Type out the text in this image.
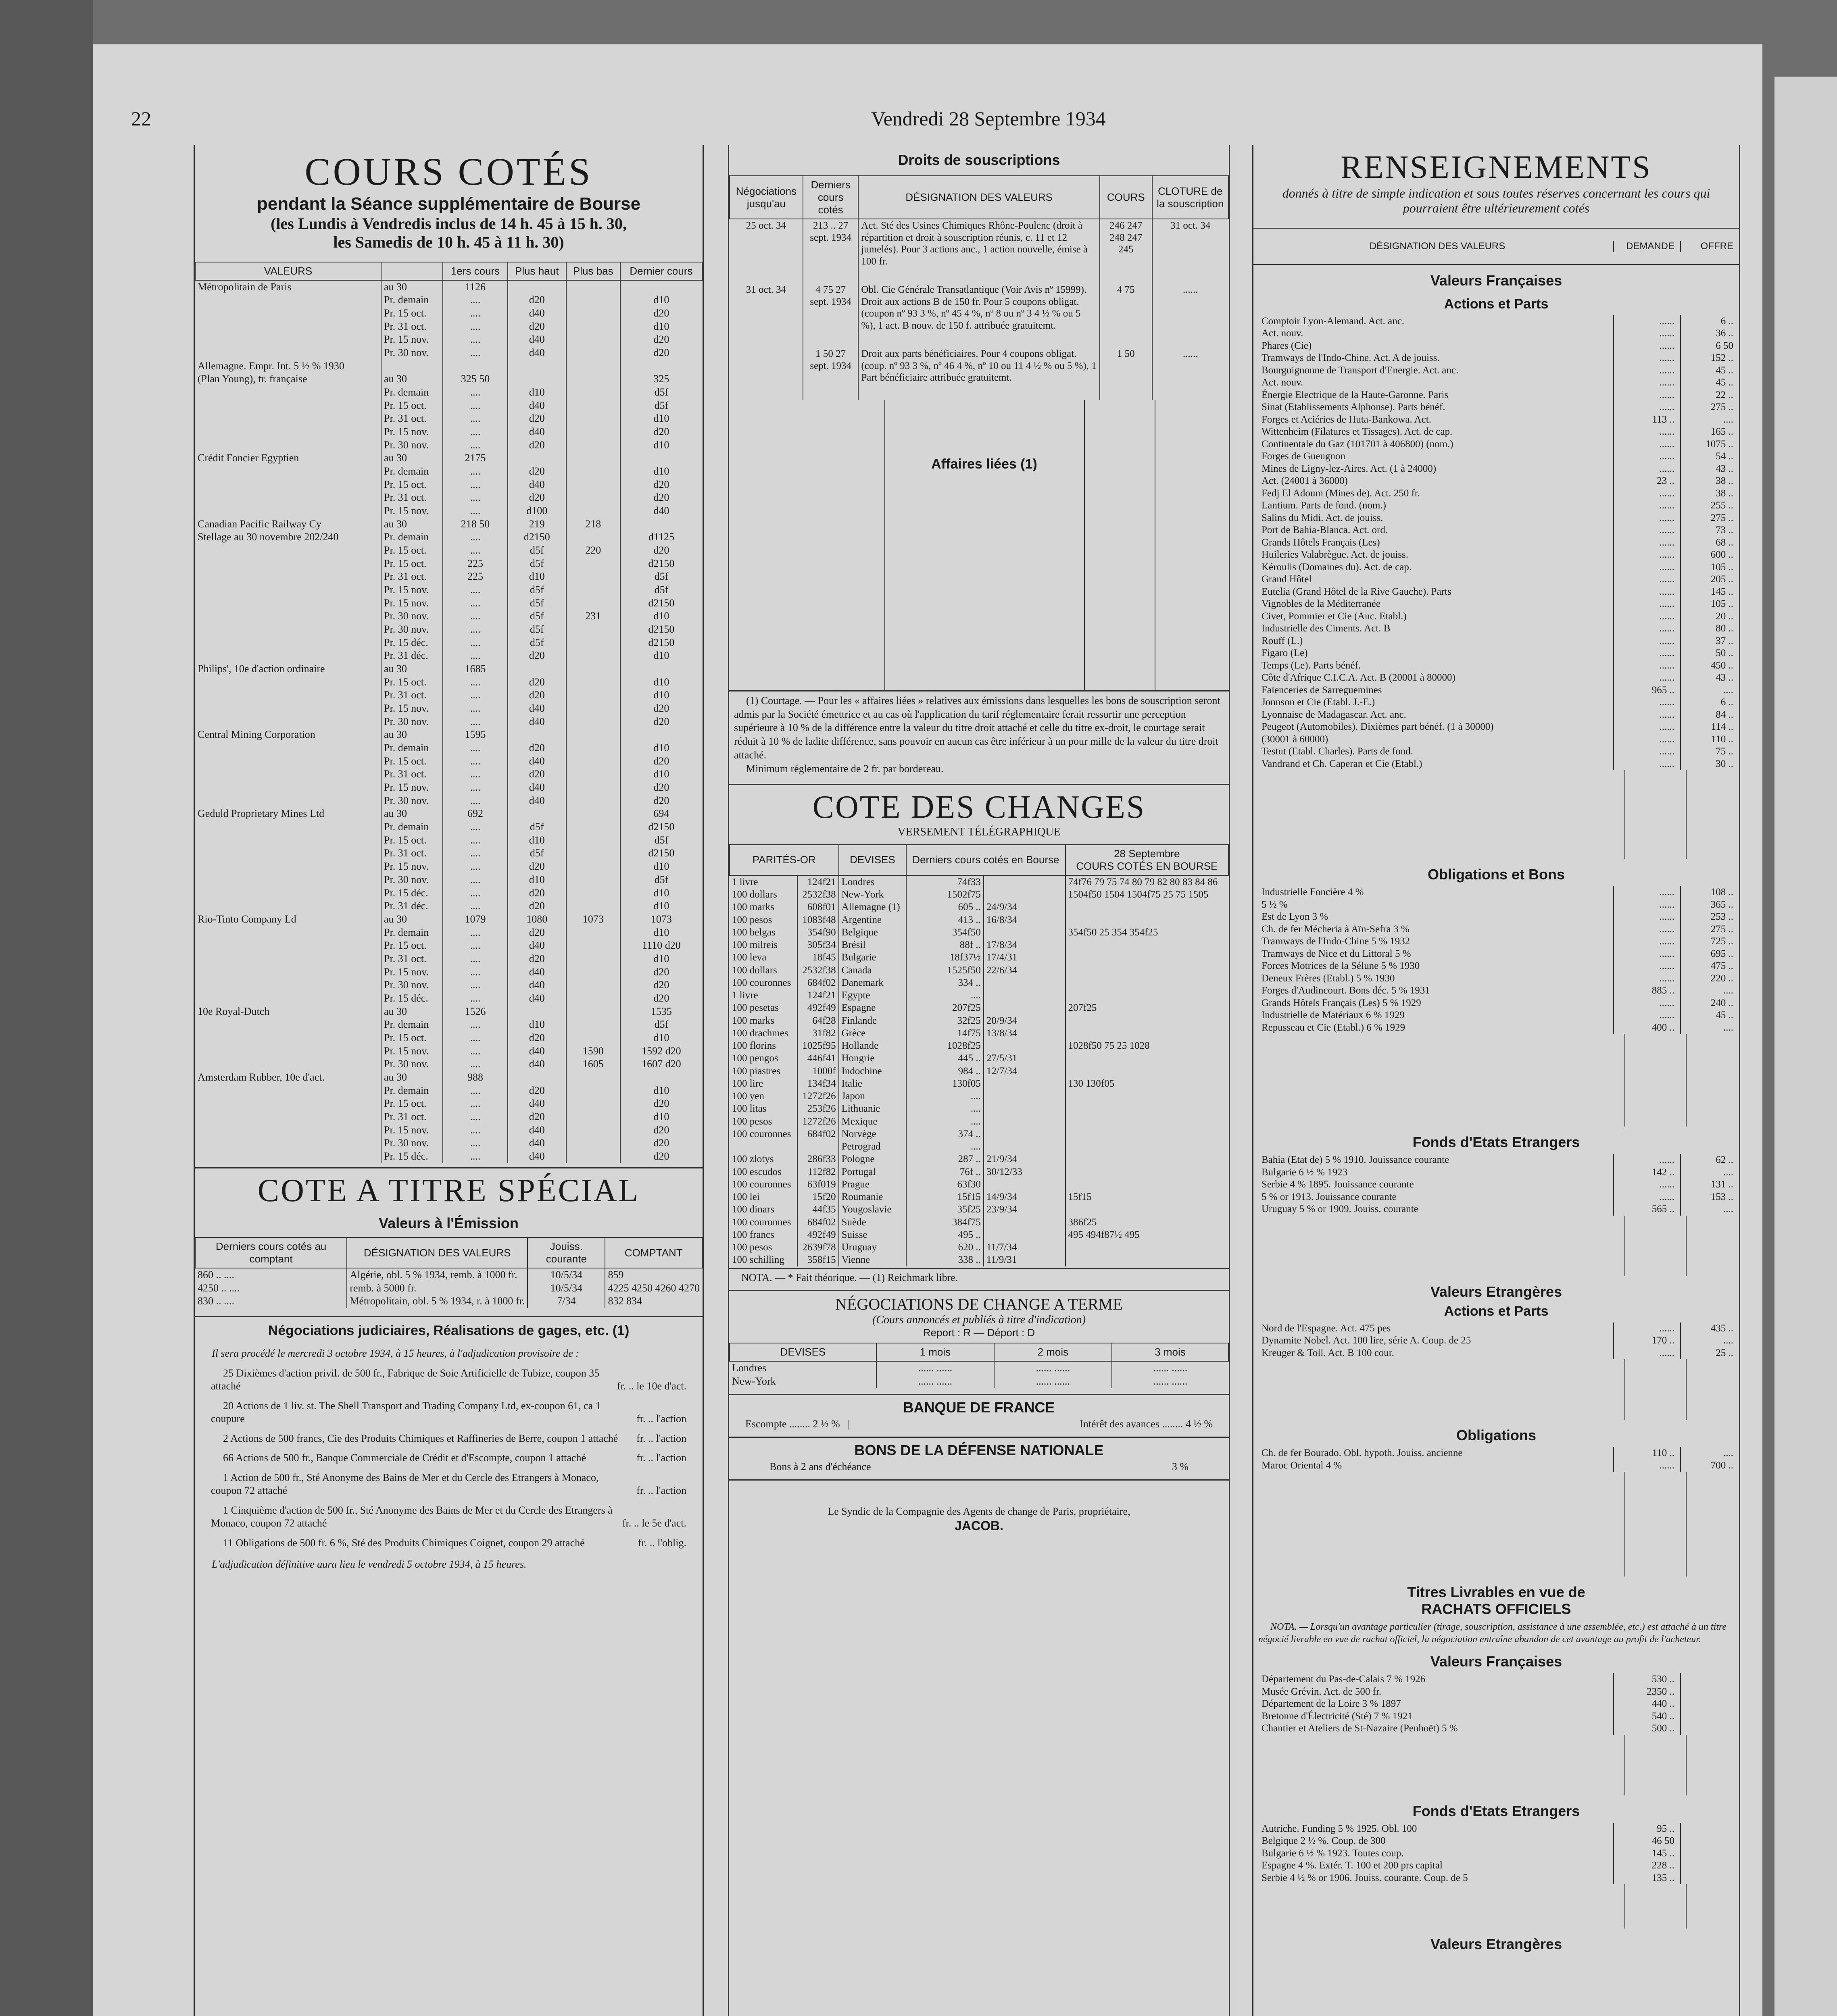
22	Vendredi 28 Septembre 1934
COURS COTÉS
pendant la Séance supplémentaire de Bourse
(les Lundis à Vendredis inclus de 14 h. 45 à 15 h. 30,
les Samedis de 10 h. 45 à 11 h. 30)
VALEURS		1ers cours	Plus haut	Plus bas	Dernier cours
Métropolitain de Paris	au 30	1126			
	Pr. demain	....	d20		d10
	Pr. 15 oct.	....	d40		d20
	Pr. 31 oct.	....	d20		d10
	Pr. 15 nov.	....	d40		d20
	Pr. 30 nov.	....	d40		d20
Allemagne. Empr. Int. 5 ½ % 1930					
(Plan Young), tr. française	au 30	325 50			325
	Pr. demain	....	d10		d5f
	Pr. 15 oct.	....	d40		d5f
	Pr. 31 oct.	....	d20		d10
	Pr. 15 nov.	....	d40		d20
	Pr. 30 nov.	....	d20		d10
Crédit Foncier Egyptien	au 30	2175			
	Pr. demain	....	d20		d10
	Pr. 15 oct.	....	d40		d20
	Pr. 31 oct.	....	d20		d20
	Pr. 15 nov.	....	d100		d40
Canadian Pacific Railway Cy	au 30	218 50	219	218	
Stellage au 30 novembre 202/240	Pr. demain	....	d2150		d1125
	Pr. 15 oct.	....	d5f	220	d20
	Pr. 15 oct.	225	d5f		d2150
	Pr. 31 oct.	225	d10		d5f
	Pr. 15 nov.	....	d5f		d5f
	Pr. 15 nov.	....	d5f		d2150
	Pr. 30 nov.	....	d5f	231	d10
	Pr. 30 nov.	....	d5f		d2150
	Pr. 15 déc.	....	d5f		d2150
	Pr. 31 déc.	....	d20		d10
Philips', 10e d'action ordinaire	au 30	1685			
	Pr. 15 oct.	....	d20		d10
	Pr. 31 oct.	....	d20		d10
	Pr. 15 nov.	....	d40		d20
	Pr. 30 nov.	....	d40		d20
Central Mining Corporation	au 30	1595			
	Pr. demain	....	d20		d10
	Pr. 15 oct.	....	d40		d20
	Pr. 31 oct.	....	d20		d10
	Pr. 15 nov.	....	d40		d20
	Pr. 30 nov.	....	d40		d20
Geduld Proprietary Mines Ltd	au 30	692			694
	Pr. demain	....	d5f		d2150
	Pr. 15 oct.	....	d10		d5f
	Pr. 31 oct.	....	d5f		d2150
	Pr. 15 nov.	....	d20		d10
	Pr. 30 nov.	....	d10		d5f
	Pr. 15 déc.	....	d20		d10
	Pr. 31 déc.	....	d20		d10
Rio-Tinto Company Ld	au 30	1079	1080	1073	1073
	Pr. demain	....	d20		d10
	Pr. 15 oct.	....	d40		1110 d20
	Pr. 31 oct.	....	d20		d10
	Pr. 15 nov.	....	d40		d20
	Pr. 30 nov.	....	d40		d20
	Pr. 15 déc.	....	d40		d20
10e Royal-Dutch	au 30	1526			1535
	Pr. demain	....	d10		d5f
	Pr. 15 oct.	....	d20		d10
	Pr. 15 nov.	....	d40	1590	1592 d20
	Pr. 30 nov.	....	d40	1605	1607 d20
Amsterdam Rubber, 10e d'act.	au 30	988			
	Pr. demain	....	d20		d10
	Pr. 15 oct.	....	d40		d20
	Pr. 31 oct.	....	d20		d10
	Pr. 15 nov.	....	d40		d20
	Pr. 30 nov.	....	d40		d20
	Pr. 15 déc.	....	d40		d20
COTE A TITRE SPÉCIAL
Valeurs à l'Émission
Derniers cours cotés au comptant	DÉSIGNATION DES VALEURS	Jouiss. courante	COMPTANT
860 .. ....	Algérie, obl. 5 % 1934, remb. à 1000 fr.	10/5/34	859
4250 .. ....	remb. à 5000 fr.	10/5/34	4225 4250 4260 4270
830 .. ....	Métropolitain, obl. 5 % 1934, r. à 1000 fr.	7/34	832 834
Négociations judiciaires, Réalisations de gages, etc. (1)
Il sera procédé le mercredi 3 octobre 1934, à 15 heures, à l'adjudication provisoire de :
25 Dixièmes d'action privil. de 500 fr., Fabrique de Soie Artificielle de Tubize, coupon 35 attaché	fr. .. le 10e d'act.
20 Actions de 1 liv. st. The Shell Transport and Trading Company Ltd, ex-coupon 61, ca 1 coupure	fr. .. l'action
2 Actions de 500 francs, Cie des Produits Chimiques et Raffineries de Berre, coupon 1 attaché	fr. .. l'action
66 Actions de 500 fr., Banque Commerciale de Crédit et d'Escompte, coupon 1 attaché	fr. .. l'action
1 Action de 500 fr., Sté Anonyme des Bains de Mer et du Cercle des Etrangers à Monaco, coupon 72 attaché	fr. .. l'action
1 Cinquième d'action de 500 fr., Sté Anonyme des Bains de Mer et du Cercle des Etrangers à Monaco, coupon 72 attaché	fr. .. le 5e d'act.
11 Obligations de 500 fr. 6 %, Sté des Produits Chimiques Coignet, coupon 29 attaché	fr. .. l'oblig.
L'adjudication définitive aura lieu le vendredi 5 octobre 1934, à 15 heures.
Droits de souscriptions
Négociations jusqu'au	Derniers cours cotés	DÉSIGNATION DES VALEURS	COURS	CLOTURE de la souscription
25 oct. 34	213 .. 27 sept. 1934	Act. Sté des Usines Chimiques Rhône-Poulenc (droit à répartition et droit à souscription réunis, c. 11 et 12 jumelés). Pour 3 actions anc., 1 action nouvelle, émise à 100 fr.	246 247 248 247 245	31 oct. 34
31 oct. 34	4 75 27 sept. 1934	Obl. Cie Générale Transatlantique (Voir Avis nº 15999). Droit aux actions B de 150 fr. Pour 5 coupons obligat. (coupon nº 93 3 %, nº 45 4 %, nº 8 ou nº 3 4 ½ % ou 5 %), 1 act. B nouv. de 150 f. attribuée gratuitemt.	4 75	......
	1 50 27 sept. 1934	Droit aux parts bénéficiaires. Pour 4 coupons obligat. (coup. nº 93 3 %, nº 46 4 %, nº 10 ou 11 4 ½ % ou 5 %), 1 Part bénéficiaire attribuée gratuitemt.	1 50	......
Affaires liées (1)
(1) Courtage. — Pour les « affaires liées » relatives aux émissions dans lesquelles les bons de souscription seront admis par la Société émettrice et au cas où l'application du tarif réglementaire ferait ressortir une perception supérieure à 10 % de la différence entre la valeur du titre droit attaché et celle du titre ex-droit, le courtage serait réduit à 10 % de ladite différence, sans pouvoir en aucun cas être inférieur à un pour mille de la valeur du titre droit attaché.
Minimum réglementaire de 2 fr. par bordereau.
COTE DES CHANGES
VERSEMENT TÉLÉGRAPHIQUE
PARITÉS-OR		DEVISES	Derniers cours cotés en Bourse		28 Septembre
COURS COTÉS EN BOURSE

1 livre	124f21	Londres	74f33		74f76 79 75 74 80 79 82 80 83 84 86
100 dollars	2532f38	New-York	1502f75		1504f50 1504 1504f75 25 75 1505
100 marks	608f01	Allemagne (1)	605 ..	24/9/34	
100 pesos	1083f48	Argentine	413 ..	16/8/34	
100 belgas	354f90	Belgique	354f50		354f50 25 354 354f25
100 milreis	305f34	Brésil	88f ..	17/8/34	
100 leva	18f45	Bulgarie	18f37½	17/4/31	
100 dollars	2532f38	Canada	1525f50	22/6/34	
100 couronnes	684f02	Danemark	334 ..		
1 livre	124f21	Egypte	....		
100 pesetas	492f49	Espagne	207f25		207f25
100 marks	64f28	Finlande	32f25	20/9/34	
100 drachmes	31f82	Grèce	14f75	13/8/34	
100 florins	1025f95	Hollande	1028f25		1028f50 75 25 1028
100 pengos	446f41	Hongrie	445 ..	27/5/31	
100 piastres	1000f	Indochine	984 ..	12/7/34	
100 lire	134f34	Italie	130f05		130 130f05
100 yen	1272f26	Japon	....		
100 litas	253f26	Lithuanie	....		
100 pesos	1272f26	Mexique	....		
100 couronnes	684f02	Norvège	374 ..		
		Petrograd	....		
100 zlotys	286f33	Pologne	287 ..	21/9/34	
100 escudos	112f82	Portugal	76f ..	30/12/33	
100 couronnes	63f019	Prague	63f30		
100 lei	15f20	Roumanie	15f15	14/9/34	15f15
100 dinars	44f35	Yougoslavie	35f25	23/9/34	
100 couronnes	684f02	Suède	384f75		386f25
100 francs	492f49	Suisse	495 ..		495 494f87½ 495
100 pesos	2639f78	Uruguay	620 ..	11/7/34	
100 schilling	358f15	Vienne	338 ..	11/9/31	
NOTA. — * Fait théorique. — (1) Reichmark libre.
NÉGOCIATIONS DE CHANGE A TERME
(Cours annoncés et publiés à titre d'indication)
Report : R — Déport : D
DEVISES	1 mois	2 mois	3 mois
Londres	...... ......	...... ......	...... ......
New-York	...... ......	...... ......	...... ......
BANQUE DE FRANCE
Escompte ........ 2 ½ %   |	Intérêt des avances ........ 4 ½ %
BONS DE LA DÉFENSE NATIONALE
Bons à 2 ans d'échéance	3 %
Le Syndic de la Compagnie des Agents de change de Paris, propriétaire,
JACOB.
RENSEIGNEMENTS
donnés à titre de simple indication et sous toutes réserves concernant les cours qui pourraient être ultérieurement cotés
DÉSIGNATION DES VALEURS	DEMANDE	OFFRE
Valeurs Françaises
Actions et Parts
Comptoir Lyon-Alemand. Act. anc.	......	6 ..
Act. nouv.	......	36 ..
Phares (Cie)	......	6 50
Tramways de l'Indo-Chine. Act. A de jouiss.	......	152 ..
Bourguignonne de Transport d'Energie. Act. anc.	......	45 ..
Act. nouv.	......	45 ..
Énergie Electrique de la Haute-Garonne. Paris	......	22 ..
Sinat (Etablissements Alphonse). Parts bénéf.	......	275 ..
Forges et Aciéries de Huta-Bankowa. Act.	113 ..	....
Wittenheim (Filatures et Tissages). Act. de cap.	......	165 ..
Continentale du Gaz (101701 à 406800) (nom.)	......	1075 ..
Forges de Gueugnon	......	54 ..
Mines de Ligny-lez-Aires. Act. (1 à 24000)	......	43 ..
Act. (24001 à 36000)	23 ..	38 ..
Fedj El Adoum (Mines de). Act. 250 fr.	......	38 ..
Lantium. Parts de fond. (nom.)	......	255 ..
Salins du Midi. Act. de jouiss.	......	275 ..
Port de Bahia-Blanca. Act. ord.	......	73 ..
Grands Hôtels Français (Les)	......	68 ..
Huileries Valabrègue. Act. de jouiss.	......	600 ..
Kéroulis (Domaines du). Act. de cap.	......	105 ..
Grand Hôtel	......	205 ..
Eutelia (Grand Hôtel de la Rive Gauche). Parts	......	145 ..
Vignobles de la Méditerranée	......	105 ..
Civet, Pommier et Cie (Anc. Etabl.)	......	20 ..
Industrielle des Ciments. Act. B	......	80 ..
Rouff (L.)	......	37 ..
Figaro (Le)	......	50 ..
Temps (Le). Parts bénéf.	......	450 ..
Côte d'Afrique C.I.C.A. Act. B (20001 à 80000)	......	43 ..
Faïenceries de Sarreguemines	965 ..	....
Jonnson et Cie (Etabl. J.-E.)	......	6 ..
Lyonnaise de Madagascar. Act. anc.	......	84 ..
Peugeot (Automobiles). Dixièmes part bénéf. (1 à 30000)	......	114 ..
(30001 à 60000)	......	110 ..
Testut (Etabl. Charles). Parts de fond.	......	75 ..
Vandrand et Ch. Caperan et Cie (Etabl.)	......	30 ..
Obligations et Bons
Industrielle Foncière 4 %	......	108 ..
5 ½ %	......	365 ..
Est de Lyon 3 %	......	253 ..
Ch. de fer Mécheria à Aïn-Sefra 3 %	......	275 ..
Tramways de l'Indo-Chine 5 % 1932	......	725 ..
Tramways de Nice et du Littoral 5 %	......	695 ..
Forces Motrices de la Sélune 5 % 1930	......	475 ..
Deneux Frères (Etabl.) 5 % 1930	......	220 ..
Forges d'Audincourt. Bons déc. 5 % 1931	885 ..	....
Grands Hôtels Français (Les) 5 % 1929	......	240 ..
Industrielle de Matériaux 6 % 1929	......	45 ..
Repusseau et Cie (Etabl.) 6 % 1929	400 ..	....
Fonds d'Etats Etrangers
Bahia (Etat de) 5 % 1910. Jouissance courante	......	62 ..
Bulgarie 6 ½ % 1923	142 ..	....
Serbie 4 % 1895. Jouissance courante	......	131 ..
5 % or 1913. Jouissance courante	......	153 ..
Uruguay 5 % or 1909. Jouiss. courante	565 ..	....
Valeurs Etrangères
Actions et Parts
Nord de l'Espagne. Act. 475 pes	......	435 ..
Dynamite Nobel. Act. 100 lire, série A. Coup. de 25	170 ..	....
Kreuger & Toll. Act. B 100 cour.	......	25 ..
Obligations
Ch. de fer Bourado. Obl. hypoth. Jouiss. ancienne	110 ..	....
Maroc Oriental 4 %	......	700 ..
Titres Livrables en vue de
RACHATS OFFICIELS
NOTA. — Lorsqu'un avantage particulier (tirage, souscription, assistance à une assemblée, etc.) est attaché à un titre négocié livrable en vue de rachat officiel, la négociation entraîne abandon de cet avantage au profit de l'acheteur.
Valeurs Françaises
Département du Pas-de-Calais 7 % 1926	530 ..
Musée Grévin. Act. de 500 fr.	2350 ..
Département de la Loire 3 % 1897	440 ..
Bretonne d'Électricité (Sté) 7 % 1921	540 ..
Chantier et Ateliers de St-Nazaire (Penhoët) 5 %	500 ..
Fonds d'Etats Etrangers
Autriche. Funding 5 % 1925. Obl. 100	95 ..
Belgique 2 ½ %. Coup. de 300	46 50
Bulgarie 6 ½ % 1923. Toutes coup.	145 ..
Espagne 4 %. Extér. T. 100 et 200 prs capital	228 ..
Serbie 4 ½ % or 1906. Jouiss. courante. Coup. de 5	135 ..
Valeurs Etrangères
